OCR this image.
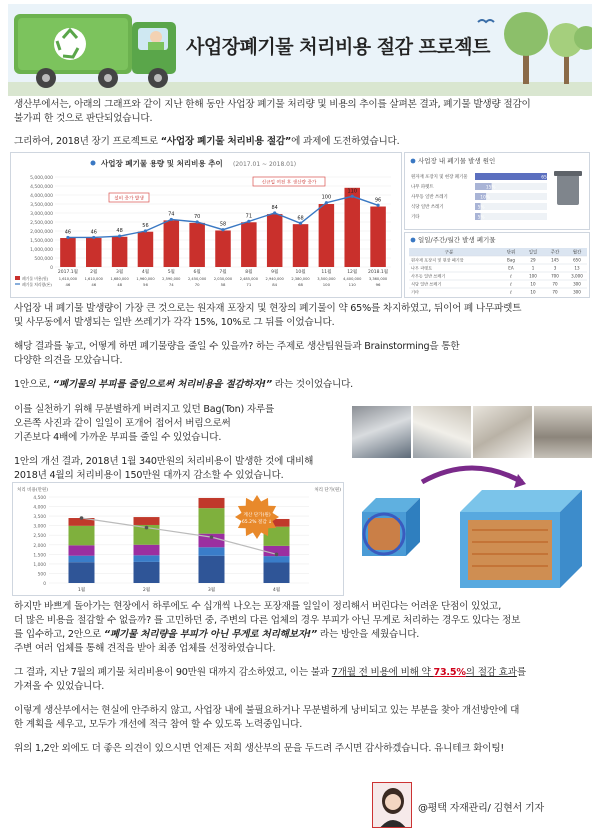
사업장폐기물 처리비용 절감 프로젝트
생산부에서는, 아래의 그래프와 같이 지난 한해 동안 사업장 폐기물 처리량 및 비용의 추이를 살펴본 결과, 폐기물 발생량 절감이
불가피 한 것으로 판단되었습니다.
그리하여, 2018년 장기 프로젝트로 “사업장 폐기물 처리비용 절감”에 과제에 도전하였습니다.
사업장 폐기물 용량 및 처리비용 추이 (2017.01 ~ 2018.01)
5,000,000
4,500,000
4,000,000
3,500,000
3,000,000
2,500,000
2,000,000
1,500,000
1,000,000
500,000
0
46
2017.1월
1,610,000
46
46
2월
1,610,000
46
48
3월
1,680,000
48
56
4월
1,960,000
56
74
5월
2,590,000
74
70
6월
2,450,000
70
58
7월
2,030,000
58
71
8월
2,485,000
71
84
9월
2,940,000
84
68
10월
2,380,000
68
100
11월
3,500,000
100
110
12월
4,400,000
110
96
2018.1월
3,360,000
96
폐기물 비용(원)
폐기물 처리량(톤)
설비 증가 발생
신규업 여전 후 생산량 증가
사업장 내 폐기물 발생 원인
원자재 포장지 및 현장 폐기물	65%
나무 파렛트	15%
사무동 일반 쓰레기	10%
식당 일반 쓰레기	5%
기타	5%
일일/주간/월간 발생 폐기물
구분	단위	일일	주간	월간
원자재 포장지 및 현장 폐기물	Bag	29	145	650
나무 파렛트	EA	1	3	13
사무동 일반 쓰레기	ℓ	100	700	3,000
식당 일반 쓰레기	ℓ	10	70	300
기타	ℓ	10	70	300
사업장 내 폐기물 발생량이 가장 큰 것으로는 원자재 포장지 및 현장의 폐기물이 약 65%를 차지하였고, 뒤이어 폐 나무파렛트
및 사무동에서 발생되는 일반 쓰레기가 각각 15%, 10%로 그 뒤를 이었습니다.
해당 결과를 놓고, 어떻게 하면 폐기물량을 줄일 수 있을까? 하는 주제로 생산팀원들과 Brainstorming을 통한
다양한 의견을 모았습니다.
1안으로, “폐기물의 부피를 줄임으로써 처리비용을 절감하자!” 라는 것이었습니다.
이를 실천하기 위해 무분별하게 버려지고 있던 Bag(Ton) 자루를
오른쪽 사진과 같이 일일이 포개어 접어서 버림으로써
기존보다 4배에 가까운 부피를 줄일 수 있었습니다.
1안의 개선 결과, 2018년 1월 340만원의 처리비용이 발생한 것에 대비해
2018년 4월의 처리비용이 150만원 대까지 감소할 수 있었습니다.
처리 비용(만원)	처리 단가(원)
4,500
4,000
3,500
3,000
2,500
2,000
1,500
1,000
500
0
1월	2월	3월	4월
계산 단가(원)
65.2% 절감 ↓
하지만 바쁘게 돌아가는 현장에서 하루에도 수 십개씩 나오는 포장재를 일일이 정리해서 버린다는 어려운 단점이 있었고,
더 많은 비용을 절감할 수 없을까? 를 고민하던 중, 주변의 다른 업체의 경우 부피가 아닌 무게로 처리하는 경우도 있다는 정보
를 입수하고, 2안으로 “폐기물 처리량을 부피가 아닌 무게로 처리해보자!” 라는 방안을 세웠습니다.
주변 여러 업체를 통해 견적을 받아 최종 업체를 선정하였습니다.
그 결과, 지난 7월의 폐기물 처리비용이 90만원 대까지 감소하였고, 이는 불과 7개월 전 비용에 비해 약 73.5%의 절감 효과를
가져올 수 있었습니다.
이렇게 생산부에서는 현실에 안주하지 않고, 사업장 내에 불필요하거나 무분별하게 낭비되고 있는 부분을 찾아 개선방안에 대
한 계획을 세우고, 모두가 개선에 적극 참여 할 수 있도록 노력중입니다.
위의 1,2안 외에도 더 좋은 의견이 있으시면 언제든 저희 생산부의 문을 두드려 주시면 감사하겠습니다. 유니테크 화이팅!
@평택 자재관리/ 김현서 기자
